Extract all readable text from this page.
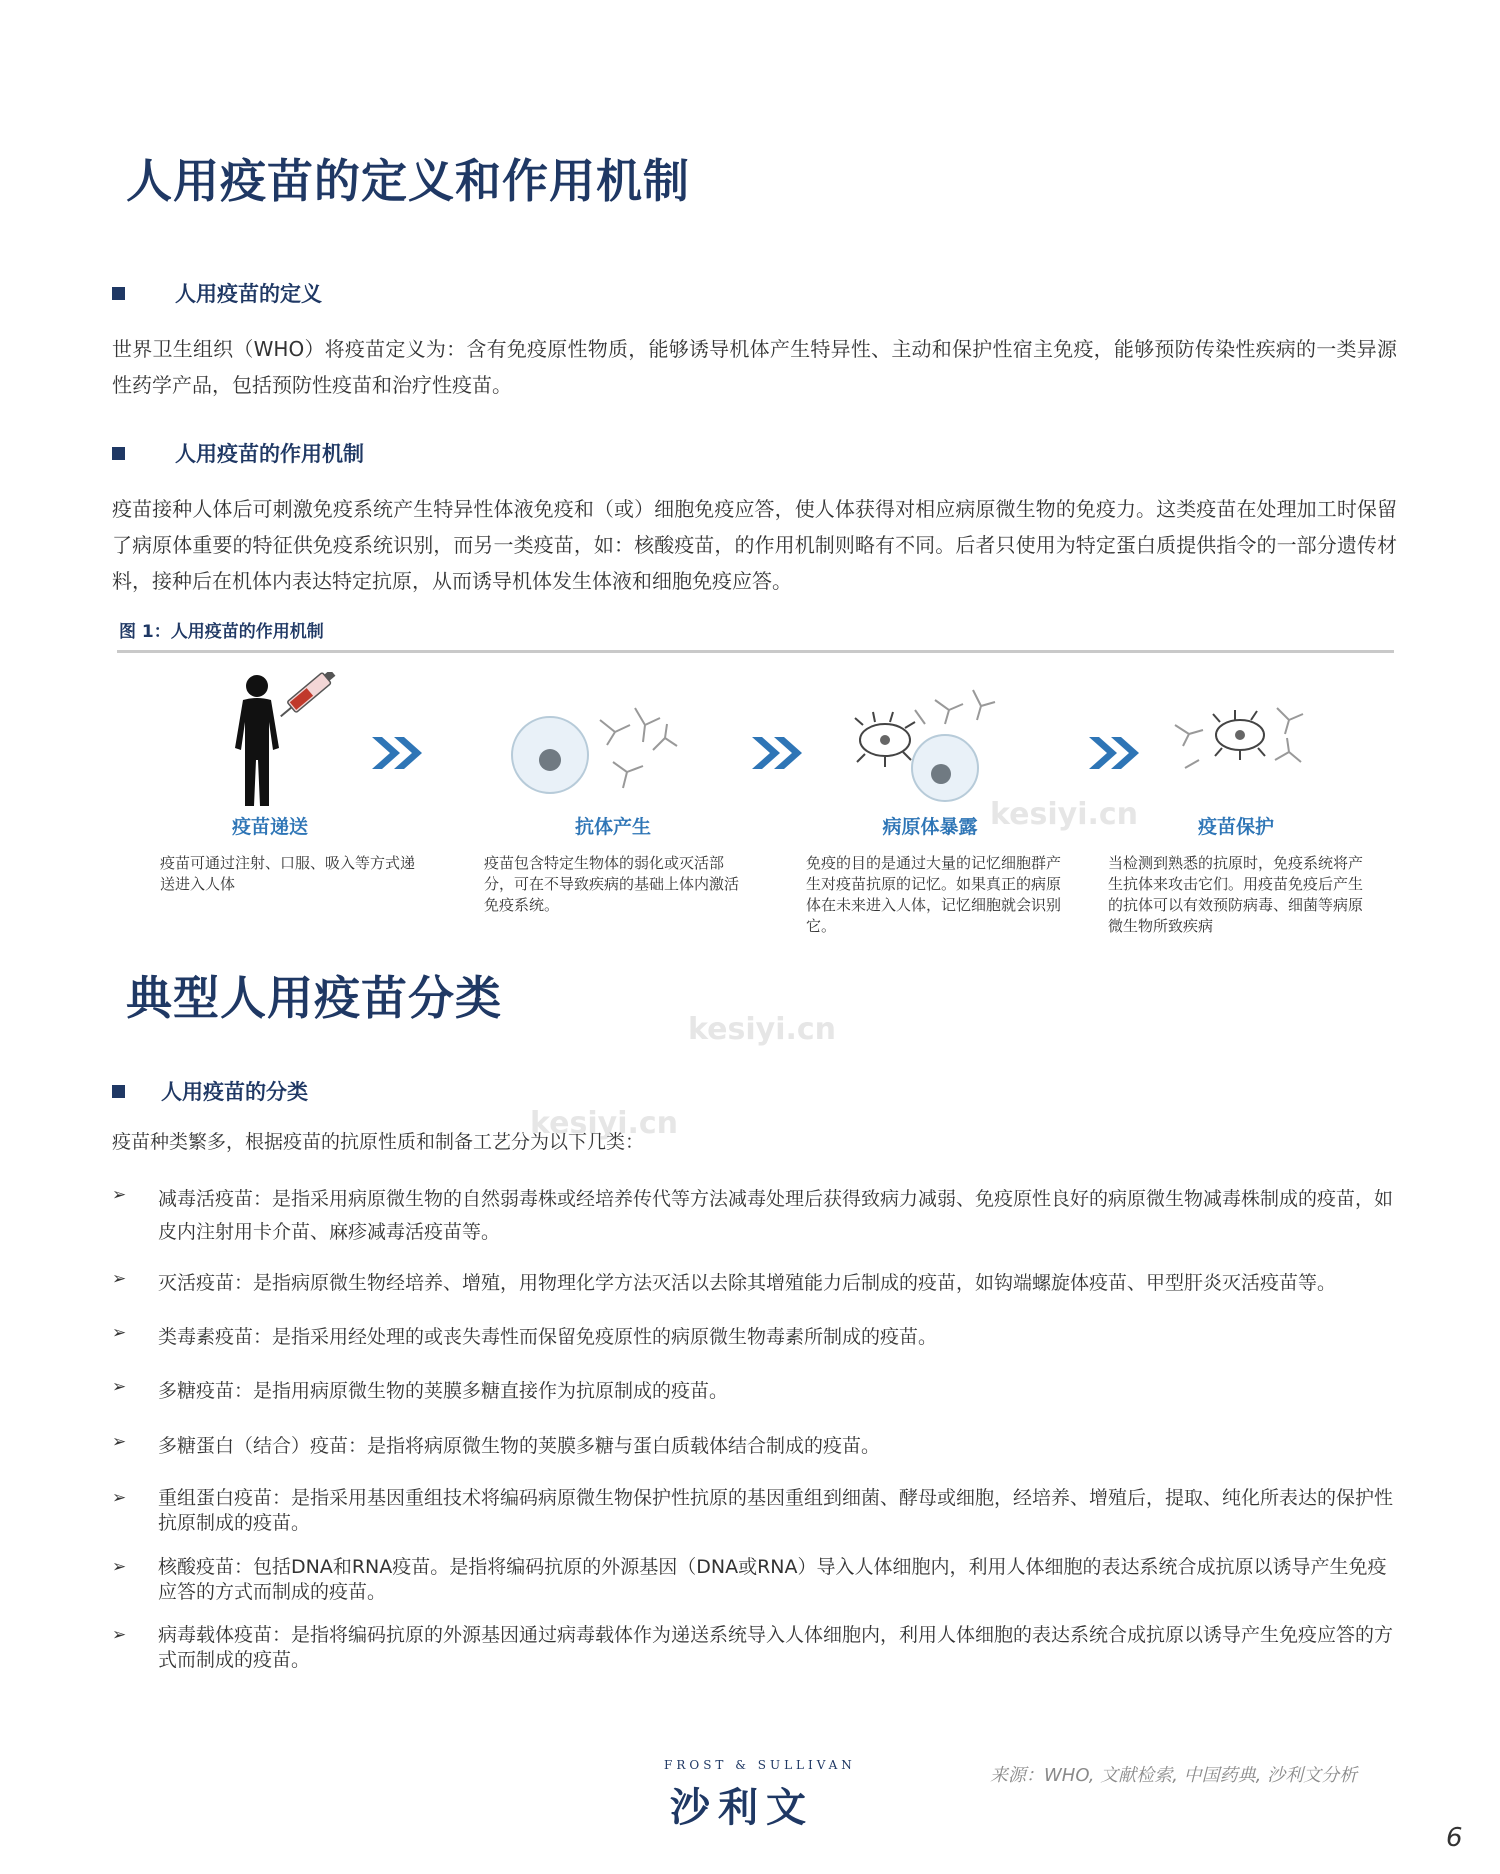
kesiyi.cn
kesiyi.cn
kesiyi.cn
人用疫苗的定义和作用机制
人用疫苗的定义
世界卫生组织（WHO）将疫苗定义为：含有免疫原性物质，能够诱导机体产生特异性、主动和保护性宿主免疫，能够预防传染性疾病的一类异源性药学产品，包括预防性疫苗和治疗性疫苗。
人用疫苗的作用机制
疫苗接种人体后可刺激免疫系统产生特异性体液免疫和（或）细胞免疫应答，使人体获得对相应病原微生物的免疫力。这类疫苗在处理加工时保留了病原体重要的特征供免疫系统识别，而另一类疫苗，如：核酸疫苗，的作用机制则略有不同。后者只使用为特定蛋白质提供指令的一部分遗传材料，接种后在机体内表达特定抗原，从而诱导机体发生体液和细胞免疫应答。
图 1：人用疫苗的作用机制
疫苗递送	抗体产生	病原体暴露	疫苗保护
疫苗可通过注射、口服、吸入等方式递送进入人体
疫苗包含特定生物体的弱化或灭活部分，可在不导致疾病的基础上体内激活免疫系统。
免疫的目的是通过大量的记忆细胞群产生对疫苗抗原的记忆。如果真正的病原体在未来进入人体，记忆细胞就会识别它。
当检测到熟悉的抗原时，免疫系统将产生抗体来攻击它们。用疫苗免疫后产生的抗体可以有效预防病毒、细菌等病原微生物所致疾病
典型人用疫苗分类
人用疫苗的分类
疫苗种类繁多，根据疫苗的抗原性质和制备工艺分为以下几类：
➢	减毒活疫苗：是指采用病原微生物的自然弱毒株或经培养传代等方法减毒处理后获得致病力减弱、免疫原性良好的病原微生物减毒株制成的疫苗，如皮内注射用卡介苗、麻疹减毒活疫苗等。
➢	灭活疫苗：是指病原微生物经培养、增殖，用物理化学方法灭活以去除其增殖能力后制成的疫苗，如钩端螺旋体疫苗、甲型肝炎灭活疫苗等。
➢	类毒素疫苗：是指采用经处理的或丧失毒性而保留免疫原性的病原微生物毒素所制成的疫苗。
➢	多糖疫苗：是指用病原微生物的荚膜多糖直接作为抗原制成的疫苗。
➢	多糖蛋白（结合）疫苗：是指将病原微生物的荚膜多糖与蛋白质载体结合制成的疫苗。
➢	重组蛋白疫苗：是指采用基因重组技术将编码病原微生物保护性抗原的基因重组到细菌、酵母或细胞，经培养、增殖后，提取、纯化所表达的保护性抗原制成的疫苗。
➢	核酸疫苗：包括DNA和RNA疫苗。是指将编码抗原的外源基因（DNA或RNA）导入人体细胞内，利用人体细胞的表达系统合成抗原以诱导产生免疫应答的方式而制成的疫苗。
➢	病毒载体疫苗：是指将编码抗原的外源基因通过病毒载体作为递送系统导入人体细胞内，利用人体细胞的表达系统合成抗原以诱导产生免疫应答的方式而制成的疫苗。
FROST & SULLIVAN
沙利文
来源：WHO, 文献检索, 中国药典, 沙利文分析
6
